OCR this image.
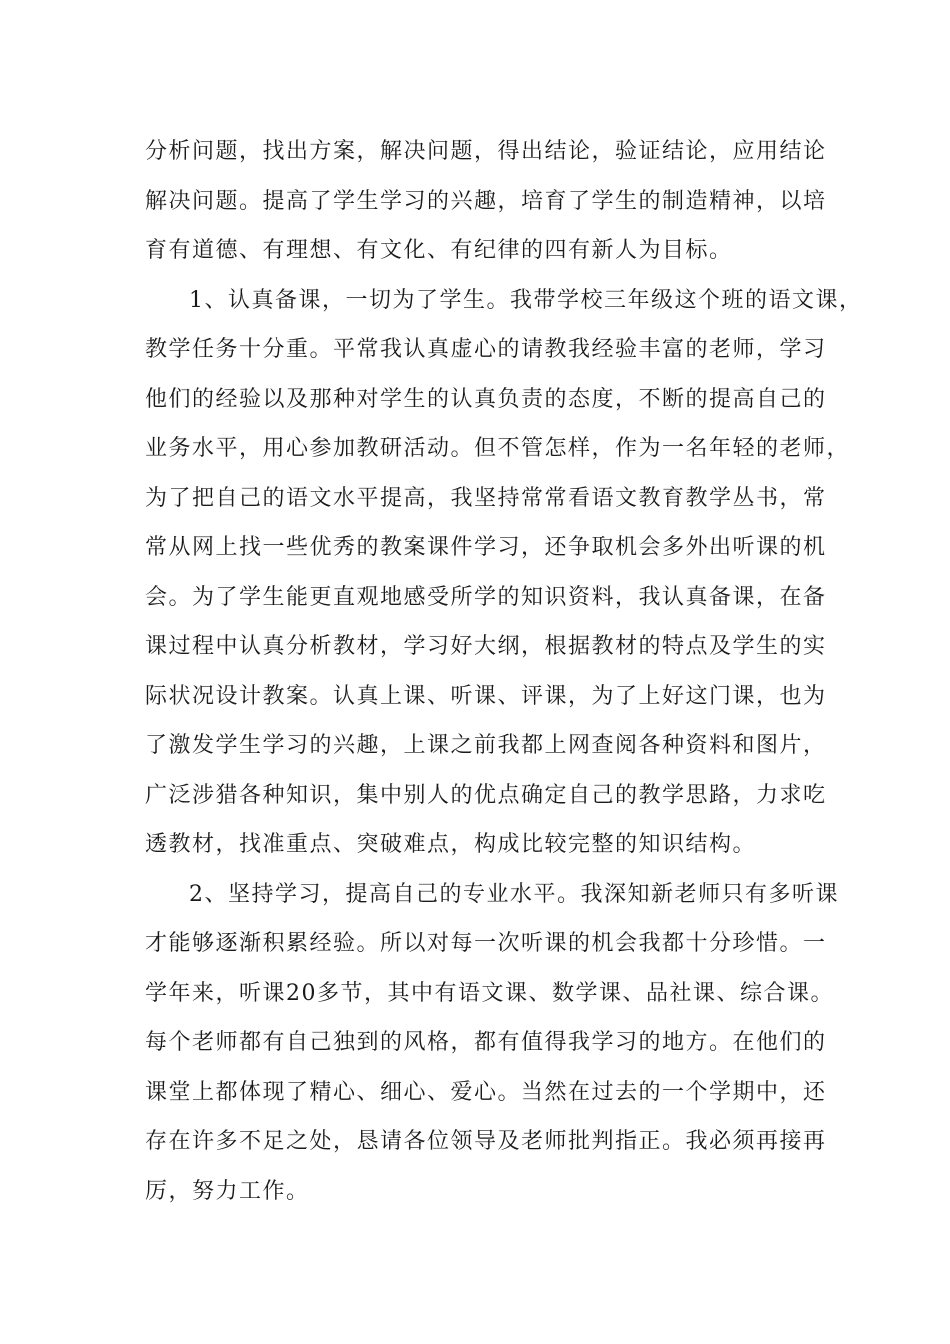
分析问题，找出方案，解决问题，得出结论，验证结论，应用结论
解决问题。提高了学生学习的兴趣，培育了学生的制造精神，以培
育有道德、有理想、有文化、有纪律的四有新人为目标。
1、认真备课，一切为了学生。我带学校三年级这个班的语文课，
教学任务十分重。平常我认真虚心的请教我经验丰富的老师，学习
他们的经验以及那种对学生的认真负责的态度，不断的提高自己的
业务水平，用心参加教研活动。但不管怎样，作为一名年轻的老师，
为了把自己的语文水平提高，我坚持常常看语文教育教学丛书，常
常从网上找一些优秀的教案课件学习，还争取机会多外出听课的机
会。为了学生能更直观地感受所学的知识资料，我认真备课，在备
课过程中认真分析教材，学习好大纲，根据教材的特点及学生的实
际状况设计教案。认真上课、听课、评课，为了上好这门课，也为
了激发学生学习的兴趣，上课之前我都上网查阅各种资料和图片，
广泛涉猎各种知识，集中别人的优点确定自己的教学思路，力求吃
透教材，找准重点、突破难点，构成比较完整的知识结构。
2、坚持学习，提高自己的专业水平。我深知新老师只有多听课
才能够逐渐积累经验。所以对每一次听课的机会我都十分珍惜。一
学年来，听课20多节，其中有语文课、数学课、品社课、综合课。
每个老师都有自己独到的风格，都有值得我学习的地方。在他们的
课堂上都体现了精心、细心、爱心。当然在过去的一个学期中，还
存在许多不足之处，恳请各位领导及老师批判指正。我必须再接再
厉，努力工作。
